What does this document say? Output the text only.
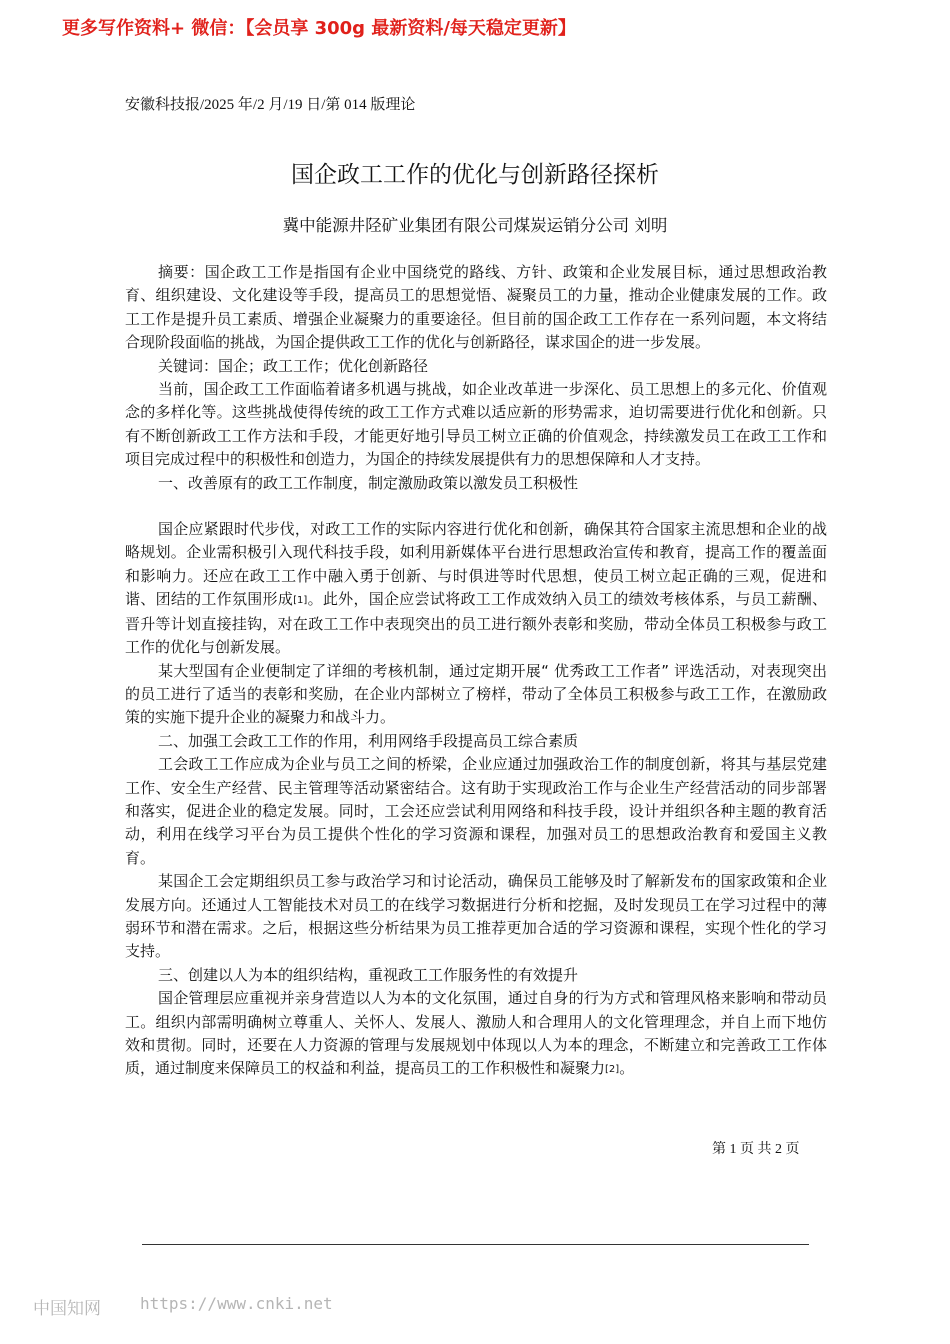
更多写作资料+ 微信：【会员享 300g 最新资料/每天稳定更新】
安徽科技报/2025 年/2 月/19 日/第 014 版理论
国企政工工作的优化与创新路径探析
冀中能源井陉矿业集团有限公司煤炭运销分公司 刘明

摘要：国企政工工作是指国有企业中国绕党的路线、方针、政策和企业发展目标，通过思想政治教育、组织建设、文化建设等手段，提高员工的思想觉悟、凝聚员工的力量，推动企业健康发展的工作。政工工作是提升员工素质、增强企业凝聚力的重要途径。但目前的国企政工工作存在一系列问题，本文将结合现阶段面临的挑战，为国企提供政工工作的优化与创新路径，谋求国企的进一步发展。

关键词：国企；政工工作；优化创新路径

当前，国企政工工作面临着诸多机遇与挑战，如企业改革进一步深化、员工思想上的多元化、价值观念的多样化等。这些挑战使得传统的政工工作方式难以适应新的形势需求，迫切需要进行优化和创新。只有不断创新政工工作方法和手段，才能更好地引导员工树立正确的价值观念，持续激发员工在政工工作和项目完成过程中的积极性和创造力，为国企的持续发展提供有力的思想保障和人才支持。

一、改善原有的政工工作制度，制定激励政策以激发员工积极性

国企应紧跟时代步伐，对政工工作的实际内容进行优化和创新，确保其符合国家主流思想和企业的战略规划。企业需积极引入现代科技手段，如利用新媒体平台进行思想政治宣传和教育，提高工作的覆盖面和影响力。还应在政工工作中融入勇于创新、与时俱进等时代思想，使员工树立起正确的三观，促进和谐、团结的工作氛围形成[1]。此外，国企应尝试将政工工作成效纳入员工的绩效考核体系，与员工薪酬、晋升等计划直接挂钩，对在政工工作中表现突出的员工进行额外表彰和奖励，带动全体员工积极参与政工工作的优化与创新发展。

某大型国有企业便制定了详细的考核机制，通过定期开展“ 优秀政工工作者” 评选活动，对表现突出的员工进行了适当的表彰和奖励，在企业内部树立了榜样，带动了全体员工积极参与政工工作，在激励政策的实施下提升企业的凝聚力和战斗力。

二、加强工会政工工作的作用，利用网络手段提高员工综合素质

工会政工工作应成为企业与员工之间的桥梁，企业应通过加强政治工作的制度创新，将其与基层党建工作、安全生产经营、民主管理等活动紧密结合。这有助于实现政治工作与企业生产经营活动的同步部署和落实，促进企业的稳定发展。同时，工会还应尝试利用网络和科技手段，设计并组织各种主题的教育活动，利用在线学习平台为员工提供个性化的学习资源和课程，加强对员工的思想政治教育和爱国主义教育。

某国企工会定期组织员工参与政治学习和讨论活动，确保员工能够及时了解新发布的国家政策和企业发展方向。还通过人工智能技术对员工的在线学习数据进行分析和挖掘，及时发现员工在学习过程中的薄弱环节和潜在需求。之后，根据这些分析结果为员工推荐更加合适的学习资源和课程，实现个性化的学习支持。

三、创建以人为本的组织结构，重视政工工作服务性的有效提升

国企管理层应重视并亲身营造以人为本的文化氛围，通过自身的行为方式和管理风格来影响和带动员工。组织内部需明确树立尊重人、关怀人、发展人、激励人和合理用人的文化管理理念，并自上而下地仿效和贯彻。同时，还要在人力资源的管理与发展规划中体现以人为本的理念，不断建立和完善政工工作体质，通过制度来保障员工的权益和利益，提高员工的工作积极性和凝聚力[2]。

第 1 页 共 2 页
中国知网 https://www.cnki.net
